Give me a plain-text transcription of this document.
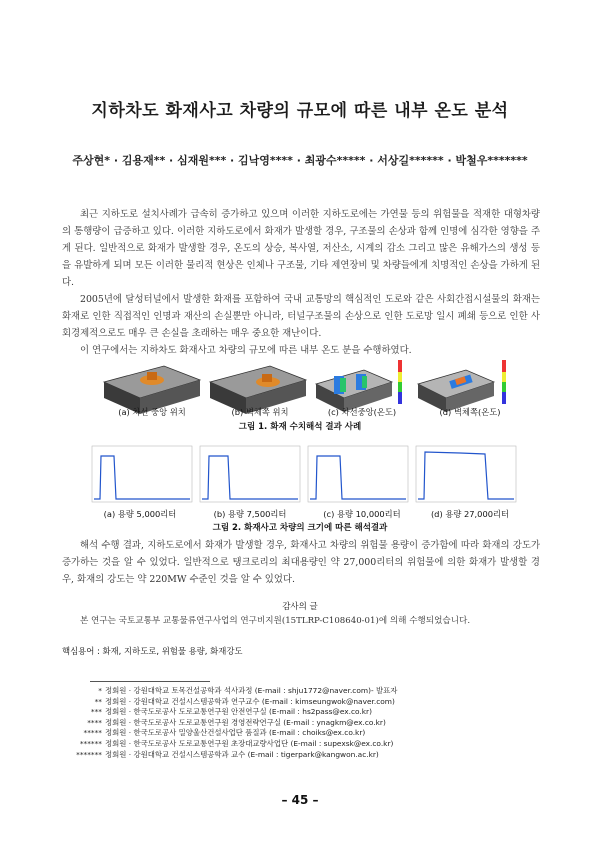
지하차도 화재사고 차량의 규모에 따른 내부 온도 분석
주상현* · 김용재** · 심재원*** · 김낙영**** · 최광수***** · 서상길****** · 박철우*******

최근 지하도로 설치사례가 급속히 증가하고 있으며 이러한 지하도로에는 가연물 등의 위험물을 적재한 대형차량의 통행량이 급증하고 있다. 이러한 지하도로에서 화재가 발생할 경우, 구조물의 손상과 함께 인명에 심각한 영향을 주게 된다. 일반적으로 화재가 발생할 경우, 온도의 상승, 복사열, 저산소, 시계의 감소 그리고 많은 유해가스의 생성 등을 유발하게 되며 모든 이러한 물리적 현상은 인체나 구조물, 기타 제연장비 및 차량들에게 치명적인 손상을 가하게 된다.

2005년에 달성터널에서 발생한 화재를 포함하여 국내 교통망의 핵심적인 도로와 같은 사회간접시설물의 화재는 화재로 인한 직접적인 인명과 재산의 손실뿐만 아니라, 터널구조물의 손상으로 인한 도로망 일시 폐쇄 등으로 인한 사회경제적으로도 매우 큰 손실을 초래하는 매우 중요한 재난이다.

이 연구에서는 지하차도 화재사고 차량의 규모에 따른 내부 온도 분을 수행하였다.

(a) 차선 중앙 위치	(b) 벽체쪽 위치	(c) 차선중앙(온도)	(d) 벽체쪽(온도)
그림 1. 화재 수치해석 결과 사례
(a) 용량 5,000리터	(b) 용량 7,500리터	(c) 용량 10,000리터	(d) 용량 27,000리터
그림 2. 화재사고 차량의 크기에 따른 해석결과

해석 수행 결과, 지하도로에서 화재가 발생할 경우, 화재사고 차량의 위험물 용량이 증가함에 따라 화재의 강도가 증가하는 것을 알 수 있었다. 일반적으로 탱크로리의 최대용량인 약 27,000리터의 위험물에 의한 화재가 발생할 경우, 화재의 강도는 약 220MW 수준인 것을 알 수 있었다.

감사의 글
본 연구는 국토교통부 교통물류연구사업의 연구비지원(15TLRP-C108640-01)에 의해 수행되었습니다.
핵심용어 : 화재, 지하도로, 위험물 용량, 화재강도
* 정회원 · 강원대학교 토목건설공학과 석사과정 (E-mail : shju1772@naver.com)- 발표자
** 정회원 · 강원대학교 건설시스템공학과 연구교수 (E-mail : kimseungwok@naver.com)
*** 정회원 · 한국도로공사 도로교통연구원 안전연구실 (E-mail : hs2pass@ex.co.kr)
**** 정회원 · 한국도로공사 도로교통연구원 경영전략연구실 (E-mail : ynagkm@ex.co.kr)
***** 정회원 · 한국도로공사 밀양울산건설사업단 품질과 (E-mail : choiks@ex.co.kr)
****** 정회원 · 한국도로공사 도로교통연구원 초장대교량사업단 (E-mail : supexsk@ex.co.kr)
******* 정회원 · 강원대학교 건설시스템공학과 교수 (E-mail : tigerpark@kangwon.ac.kr)
– 45 –
